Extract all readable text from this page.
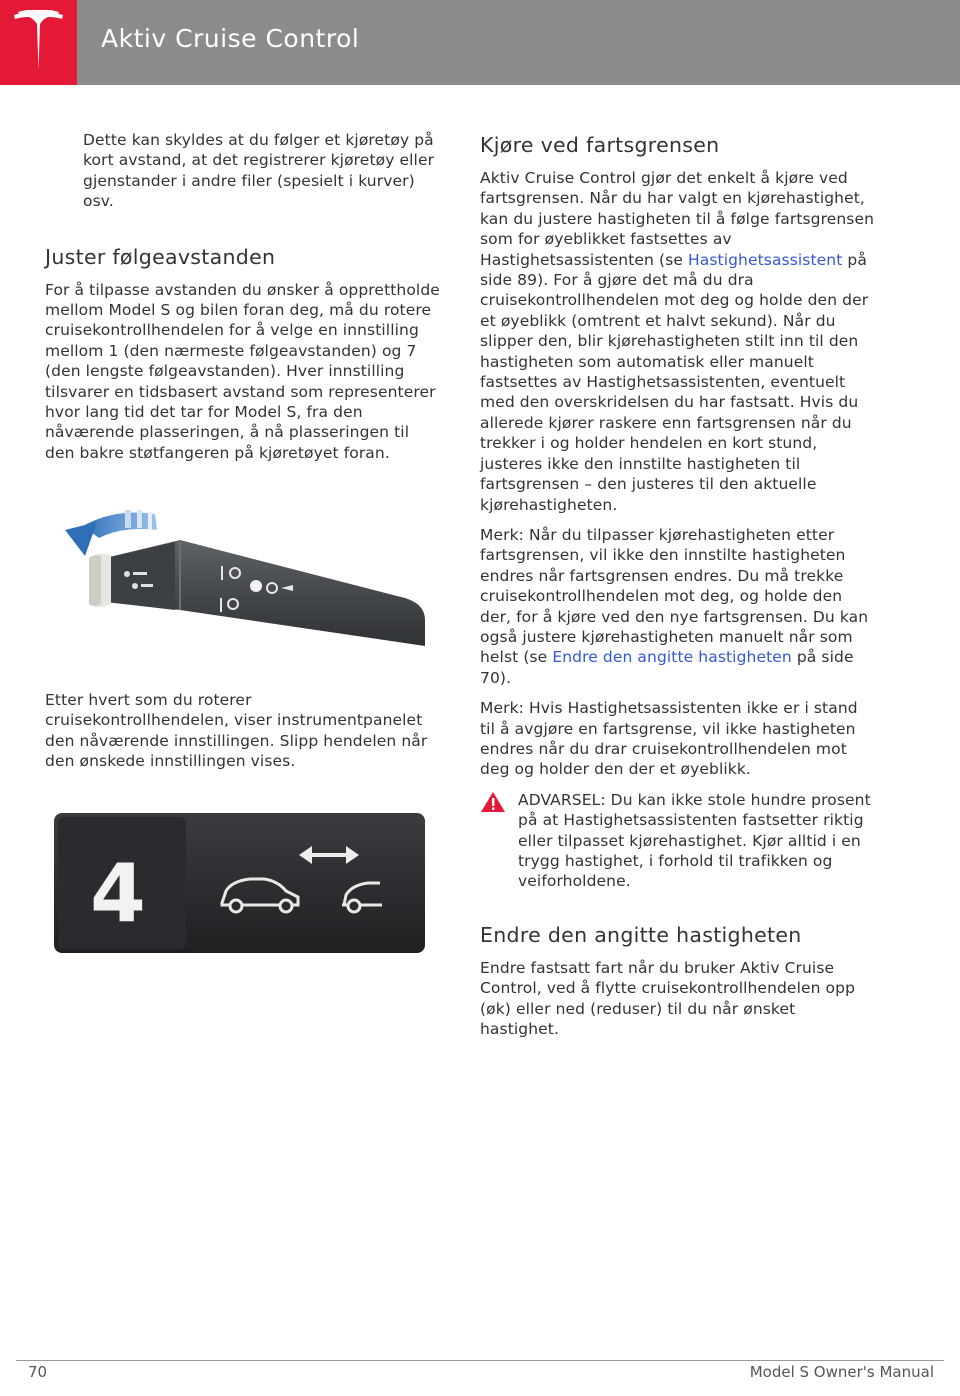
Aktiv Cruise Control

Dette kan skyldes at du følger et kjøretøy på kort avstand, at det registrerer kjøretøy eller gjenstander i andre filer (spesielt i kurver) osv.

Juster følgeavstanden

For å tilpasse avstanden du ønsker å opprettholde mellom Model S og bilen foran deg, må du rotere cruisekontrollhendelen for å velge en innstilling mellom 1 (den nærmeste følgeavstanden) og 7 (den lengste følgeavstanden). Hver innstilling tilsvarer en tidsbasert avstand som representerer hvor lang tid det tar for Model S, fra den nåværende plasseringen, å nå plasseringen til den bakre støtfangeren på kjøretøyet foran.

Etter hvert som du roterer cruisekontrollhendelen, viser instrumentpanelet den nåværende innstillingen. Slipp hendelen når den ønskede innstillingen vises.

4
Kjøre ved fartsgrensen

Aktiv Cruise Control gjør det enkelt å kjøre ved fartsgrensen. Når du har valgt en kjørehastighet, kan du justere hastigheten til å følge fartsgrensen som for øyeblikket fastsettes av Hastighetsassistenten (se Hastighetsassistent på side 89). For å gjøre det må du dra cruisekontrollhendelen mot deg og holde den der et øyeblikk (omtrent et halvt sekund). Når du slipper den, blir kjørehastigheten stilt inn til den hastigheten som automatisk eller manuelt fastsettes av Hastighetsassistenten, eventuelt med den overskridelsen du har fastsatt. Hvis du allerede kjører raskere enn fartsgrensen når du trekker i og holder hendelen en kort stund, justeres ikke den innstilte hastigheten til fartsgrensen – den justeres til den aktuelle kjørehastigheten.

Merk: Når du tilpasser kjørehastigheten etter fartsgrensen, vil ikke den innstilte hastigheten endres når fartsgrensen endres. Du må trekke cruisekontrollhendelen mot deg, og holde den der, for å kjøre ved den nye fartsgrensen. Du kan også justere kjørehastigheten manuelt når som helst (se Endre den angitte hastigheten på side 70).

Merk: Hvis Hastighetsassistenten ikke er i stand til å avgjøre en fartsgrense, vil ikke hastigheten endres når du drar cruisekontrollhendelen mot deg og holder den der et øyeblikk.

ADVARSEL: Du kan ikke stole hundre prosent på at Hastighetsassistenten fastsetter riktig eller tilpasset kjørehastighet. Kjør alltid i en trygg hastighet, i forhold til trafikken og veiforholdene.
Endre den angitte hastigheten

Endre fastsatt fart når du bruker Aktiv Cruise Control, ved å flytte cruisekontrollhendelen opp (øk) eller ned (reduser) til du når ønsket hastighet.

70	Model S Owner's Manual
